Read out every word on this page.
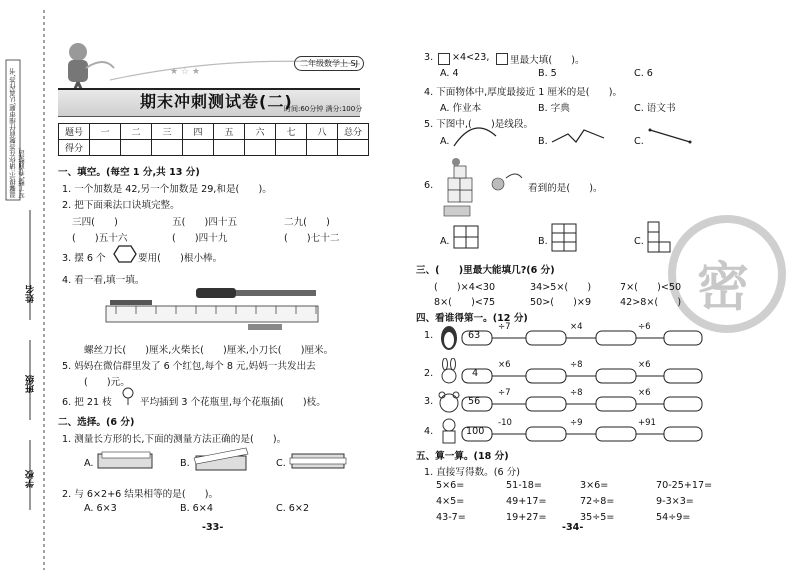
温馨提示:请你在答题前仔细审题,认真作答,书写工整,卷面整洁。
姓名
班级
学校
★ ☆ ★
二年级数学上 SJ
期末冲刺测试卷(二)
时间:60分钟 满分:100分
题号	一	二	三	四	五	六	七	八	总分
得分									
一、填空。(每空 1 分,共 13 分)
1. 一个加数是 42,另一个加数是 29,和是(　　)。
2. 把下面乘法口诀填完整。
三四(　　)	五(　　)四十五	二九(　　)
(　　)五十六	(　　)四十九	(　　)七十二
3. 摆 6 个	要用(　　)根小棒。
4. 看一看,填一填。
螺丝刀长(　　)厘米,火柴长(　　)厘米,小刀长(　　)厘米。
5. 妈妈在微信群里发了 6 个红包,每个 8 元,妈妈一共发出去
(　　)元。
6. 把 21 枝	平均插到 3 个花瓶里,每个花瓶插(　　)枝。
二、选择。(6 分)
1. 测量长方形的长,下面的测量方法正确的是(　　)。
A.	B.	C.
2. 与 6×2+6 结果相等的是(　　)。
A. 6×3	B. 6×4	C. 6×2
-33-
3. ×4<23, 里最大填(　　)。
A. 4	B. 5	C. 6
4. 下面物体中,厚度最接近 1 厘米的是(　　)。
A. 作业本	B. 字典	C. 语文书
5. 下图中,(　　)是线段。
A.	B.	C.
6.	看到的是(　　)。
A.	B.	C.
密
三、(　　)里最大能填几?(6 分)
(　　)×4<30	34>5×(　　)	7×(　　)<50
8×(　　)<75	50>(　　)×9	42>8×(　　)
四、看谁得第一。(12 分)
1.	63
÷7	×4	÷6
2.	4
×6	÷8	×6
3.	56
÷7	÷8	×6
4.	100
-10	÷9	+91
五、算一算。(18 分)
1. 直接写得数。(6 分)
5×6=	51-18=	3×6=	70-25+17=
4×5=	49+17=	72÷8=	9-3×3=
43-7=	19+27=	35÷5=	54÷9=
-34-
